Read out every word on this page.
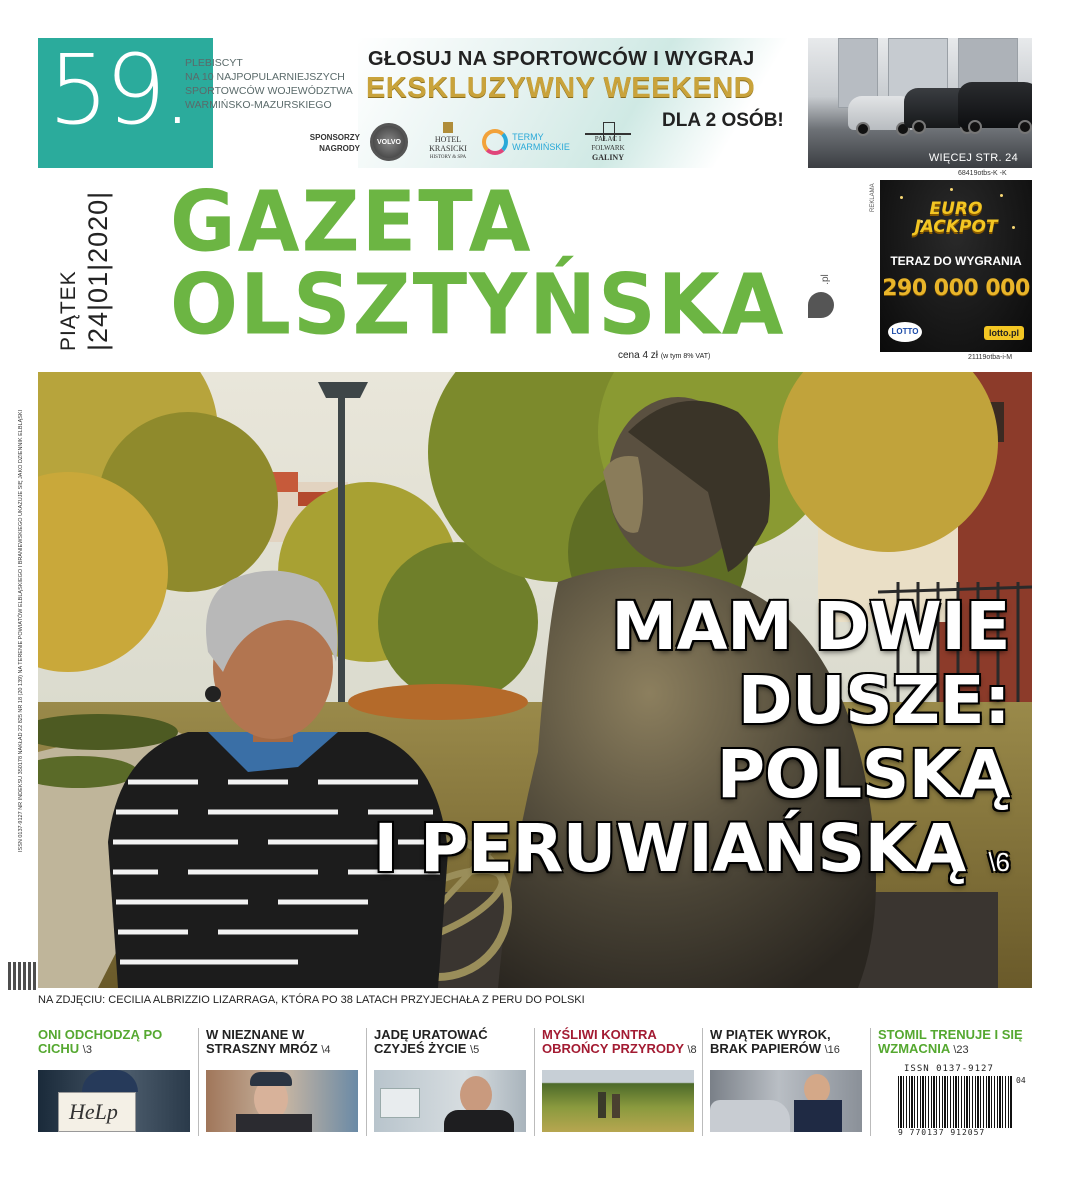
59.
PLEBISCYT
NA 10 NAJPOPULARNIEJSZYCH
SPORTOWCÓW WOJEWÓDZTWA
WARMIŃSKO-MAZURSKIEGO
WIĘCEJ STR. 24
GŁOSUJ NA SPORTOWCÓW I WYGRAJ
EKSKLUZYWNY WEEKEND
DLA 2 OSÓB!
SPONSORZY
NAGRODY
VOLVO	HOTEL
KRASICKI
HISTORY & SPA
TERMY
WARMIŃSKIE
PAŁAC I FOLWARK
GALINY
68419otbs-K -K
PIĄTEK |24|01|2020| GAZETA
OLSZTYŃSKA	.pl
cena 4 zł (w tym 8% VAT)
REKLAMA	EURO
JACKPOT
TERAZ DO WYGRANIA
290 000 000
LOTTO	lotto.pl
21119otba-i-M
ISSN 0137-9127 NR INDEKSU 350178 NAKŁAD 22 825 NR 18 (20 139) NA TERENIE POWIATÓW ELBLĄSKIEGO I BRANIEWSKIEGO UKAZUJE SIĘ JAKO DZIENNIK ELBLĄSKI	MAM DWIE
DUSZE:
POLSKĄ
I PERUWIAŃSKĄ \6
NA ZDJĘCIU: CECILIA ALBRIZZIO LIZARRAGA, KTÓRA PO 38 LATACH PRZYJECHAŁA Z PERU DO POLSKI
ONI ODCHODZĄ PO CICHU \3
HeLp
W NIEZNANE W STRASZNY MRÓZ \4
JADĘ URATOWAĆ CZYJEŚ ŻYCIE \5
MYŚLIWI KONTRA OBROŃCY PRZYRODY \8
W PIĄTEK WYROK, BRAK PAPIERÓW \16
STOMIL TRENUJE I SIĘ WZMACNIA \23
ISSN 0137-9127
04
9 770137 912057
